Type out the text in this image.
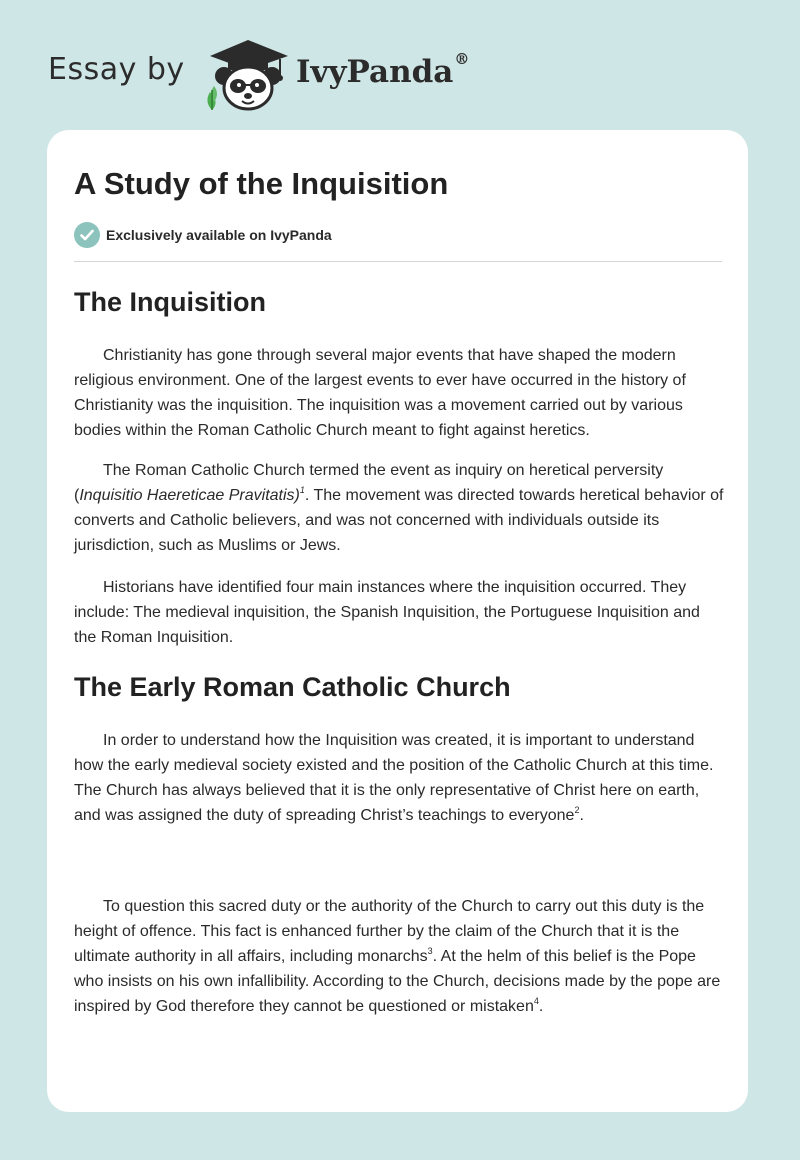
Essay by	IvyPanda®
A Study of the Inquisition
Exclusively available on IvyPanda
The Inquisition

Christianity has gone through several major events that have shaped the modern religious environment. One of the largest events to ever have occurred in the history of Christianity was the inquisition. The inquisition was a movement carried out by various bodies within the Roman Catholic Church meant to fight against heretics.

The Roman Catholic Church termed the event as inquiry on heretical perversity (Inquisitio Haereticae Pravitatis)$^1$. The movement was directed towards heretical behavior of converts and Catholic believers, and was not concerned with individuals outside its jurisdiction, such as Muslims or Jews.

Historians have identified four main instances where the inquisition occurred. They include: The medieval inquisition, the Spanish Inquisition, the Portuguese Inquisition and the Roman Inquisition.

The Early Roman Catholic Church

In order to understand how the Inquisition was created, it is important to understand how the early medieval society existed and the position of the Catholic Church at this time. The Church has always believed that it is the only representative of Christ here on earth, and was assigned the duty of spreading Christ’s teachings to everyone$^2$.

To question this sacred duty or the authority of the Church to carry out this duty is the height of offence. This fact is enhanced further by the claim of the Church that it is the ultimate authority in all affairs, including monarchs$^3$. At the helm of this belief is the Pope who insists on his own infallibility. According to the Church, decisions made by the pope are inspired by God therefore they cannot be questioned or mistaken$^4$.
